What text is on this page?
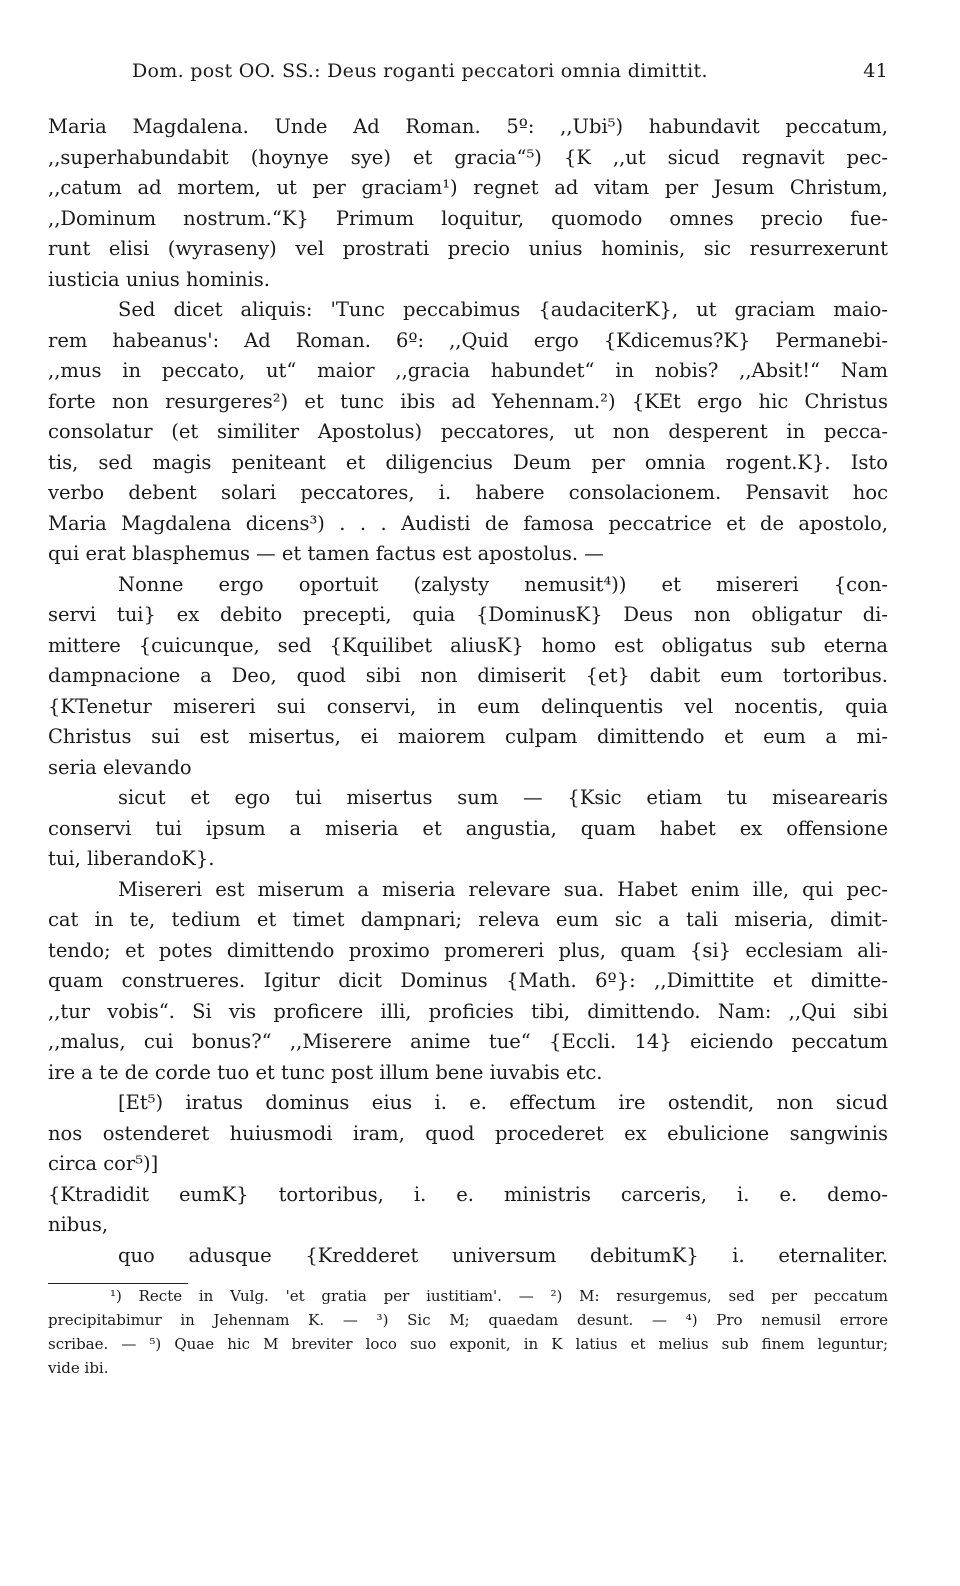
Dom. post OO. SS.: Deus roganti peccatori omnia dimittit.	41
Maria Magdalena. Unde Ad Roman. 5º: ,,Ubi⁵) habundavit peccatum,
,,superhabundabit (hoynye sye) et gracia“⁵) {K ,,ut sicud regnavit pec-
,,catum ad mortem, ut per graciam¹) regnet ad vitam per Jesum Christum,
,,Dominum nostrum.“K} Primum loquitur, quomodo omnes precio fue-
runt elisi (wyraseny) vel prostrati precio unius hominis, sic resurrexerunt
iusticia unius hominis.
Sed dicet aliquis: 'Tunc peccabimus {audaciterK}, ut graciam maio-
rem habeanus': Ad Roman. 6º: ,,Quid ergo {Kdicemus?K} Permanebi-
,,mus in peccato, ut“ maior ,,gracia habundet“ in nobis? ,,Absit!“ Nam
forte non resurgeres²) et tunc ibis ad Yehennam.²) {KEt ergo hic Christus
consolatur (et similiter Apostolus) peccatores, ut non desperent in pecca-
tis, sed magis peniteant et diligencius Deum per omnia rogent.K}. Isto
verbo debent solari peccatores, i. habere consolacionem. Pensavit hoc
Maria Magdalena dicens³) . . . Audisti de famosa peccatrice et de apostolo,
qui erat blasphemus — et tamen factus est apostolus. —
Nonne ergo oportuit (zalysty nemusit⁴)) et misereri {con-
servi tui} ex debito precepti, quia {DominusK} Deus non obligatur di-
mittere {cuicunque, sed {Kquilibet aliusK} homo est obligatus sub eterna
dampnacione a Deo, quod sibi non dimiserit {et} dabit eum tortoribus.
{KTenetur misereri sui conservi, in eum delinquentis vel nocentis, quia
Christus sui est misertus, ei maiorem culpam dimittendo et eum a mi-
seria elevando
sicut et ego tui misertus sum — {Ksic etiam tu misearearis
conservi tui ipsum a miseria et angustia, quam habet ex offensione
tui, liberandoK}.
Misereri est miserum a miseria relevare sua. Habet enim ille, qui pec-
cat in te, tedium et timet dampnari; releva eum sic a tali miseria, dimit-
tendo; et potes dimittendo proximo promereri plus, quam {si} ecclesiam ali-
quam construeres. Igitur dicit Dominus {Math. 6º}: ,,Dimittite et dimitte-
,,tur vobis“. Si vis proficere illi, proficies tibi, dimittendo. Nam: ,,Qui sibi
,,malus, cui bonus?“ ,,Miserere anime tue“ {Eccli. 14} eiciendo peccatum
ire a te de corde tuo et tunc post illum bene iuvabis etc.
[Et⁵) iratus dominus eius i. e. effectum ire ostendit, non sicud
nos ostenderet huiusmodi iram, quod procederet ex ebulicione sangwinis
circa cor⁵)]
{Ktradidit eumK} tortoribus, i. e. ministris carceris, i. e. demo-
nibus,
quo adusque {Kredderet universum debitumK} i. eternaliter.
¹) Recte in Vulg. 'et gratia per iustitiam'. — ²) M: resurgemus, sed per peccatum
precipitabimur in Jehennam K. — ³) Sic M; quaedam desunt. — ⁴) Pro nemusil errore
scribae. — ⁵) Quae hic M breviter loco suo exponit, in K latius et melius sub finem leguntur;
vide ibi.
